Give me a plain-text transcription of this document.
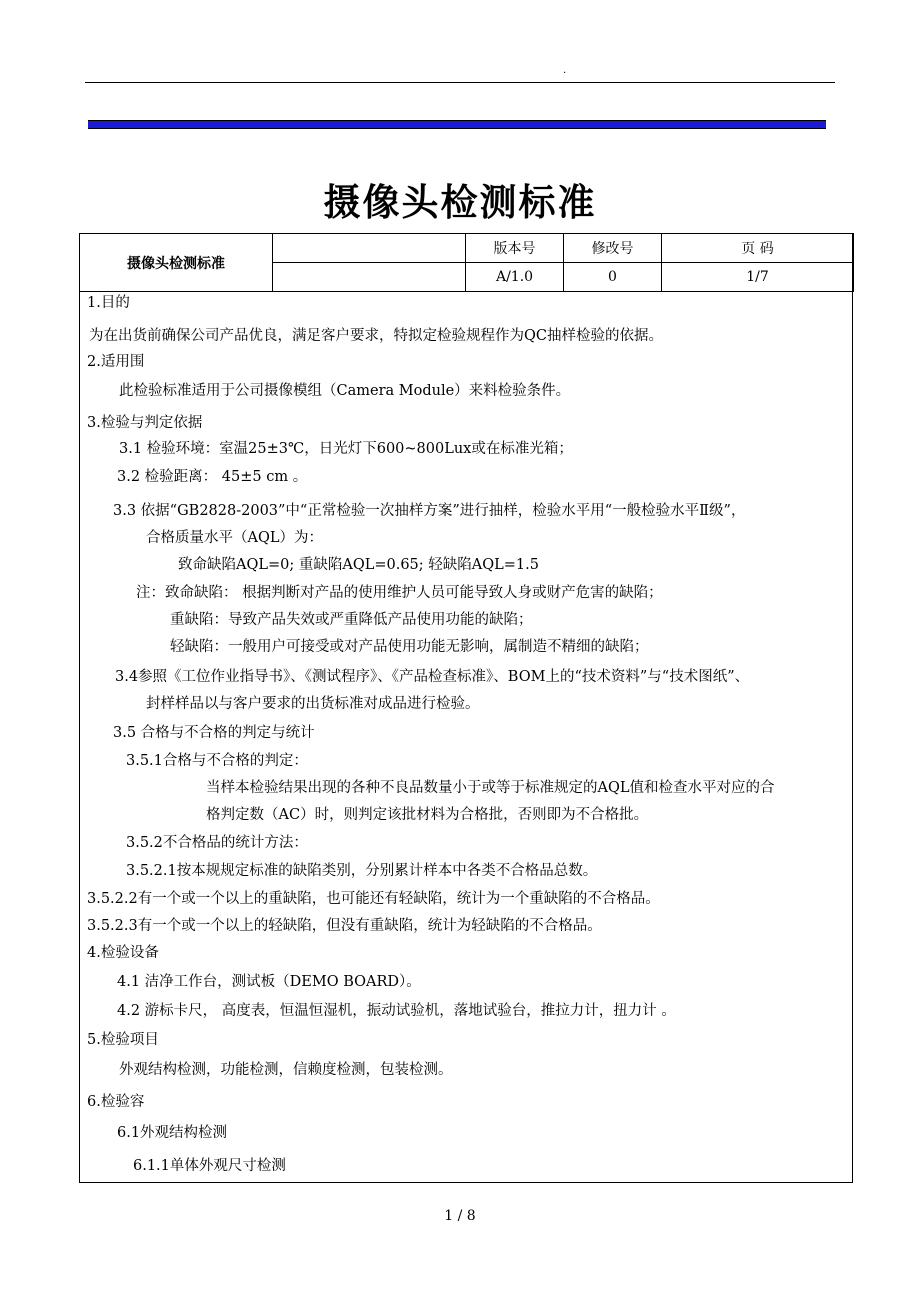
.
摄像头检测标准
摄像头检测标准		版本号	修改号	页 码
		A/1.0	0	1/7
1.目的
为在出货前确保公司产品优良，满足客户要求，特拟定检验规程作为QC抽样检验的依据。
2.适用围
此检验标准适用于公司摄像模组（Camera Module）来料检验条件。
3.检验与判定依据
3.1 检验环境：室温25±3℃，日光灯下600~800Lux或在标准光箱；
3.2 检验距离： 45±5 cm 。
3.3 依据“GB2828-2003”中“正常检验一次抽样方案”进行抽样，检验水平用“一般检验水平Ⅱ级”，
合格质量水平（AQL）为：
致命缺陷AQL=0; 重缺陷AQL=0.65; 轻缺陷AQL=1.5
注：致命缺陷： 根据判断对产品的使用维护人员可能导致人身或财产危害的缺陷；
重缺陷：导致产品失效或严重降低产品使用功能的缺陷；
轻缺陷：一般用户可接受或对产品使用功能无影响，属制造不精细的缺陷；
3.4参照《工位作业指导书》、《测试程序》、《产品检查标准》、BOM上的“技术资料”与“技术图纸”、
封样样品以与客户要求的出货标准对成品进行检验。
3.5 合格与不合格的判定与统计
3.5.1合格与不合格的判定：
当样本检验结果出现的各种不良品数量小于或等于标准规定的AQL值和检查水平对应的合
格判定数（AC）时，则判定该批材料为合格批，否则即为不合格批。
3.5.2不合格品的统计方法：
3.5.2.1按本规规定标准的缺陷类别，分别累计样本中各类不合格品总数。
3.5.2.2有一个或一个以上的重缺陷，也可能还有轻缺陷，统计为一个重缺陷的不合格品。
3.5.2.3有一个或一个以上的轻缺陷，但没有重缺陷，统计为轻缺陷的不合格品。
4.检验设备
4.1 洁净工作台，测试板（DEMO BOARD）。
4.2 游标卡尺， 高度表，恒温恒湿机，振动试验机，落地试验台，推拉力计，扭力计 。
5.检验项目
外观结构检测，功能检测，信赖度检测，包装检测。
6.检验容
6.1外观结构检测
6.1.1单体外观尺寸检测
1 / 8
